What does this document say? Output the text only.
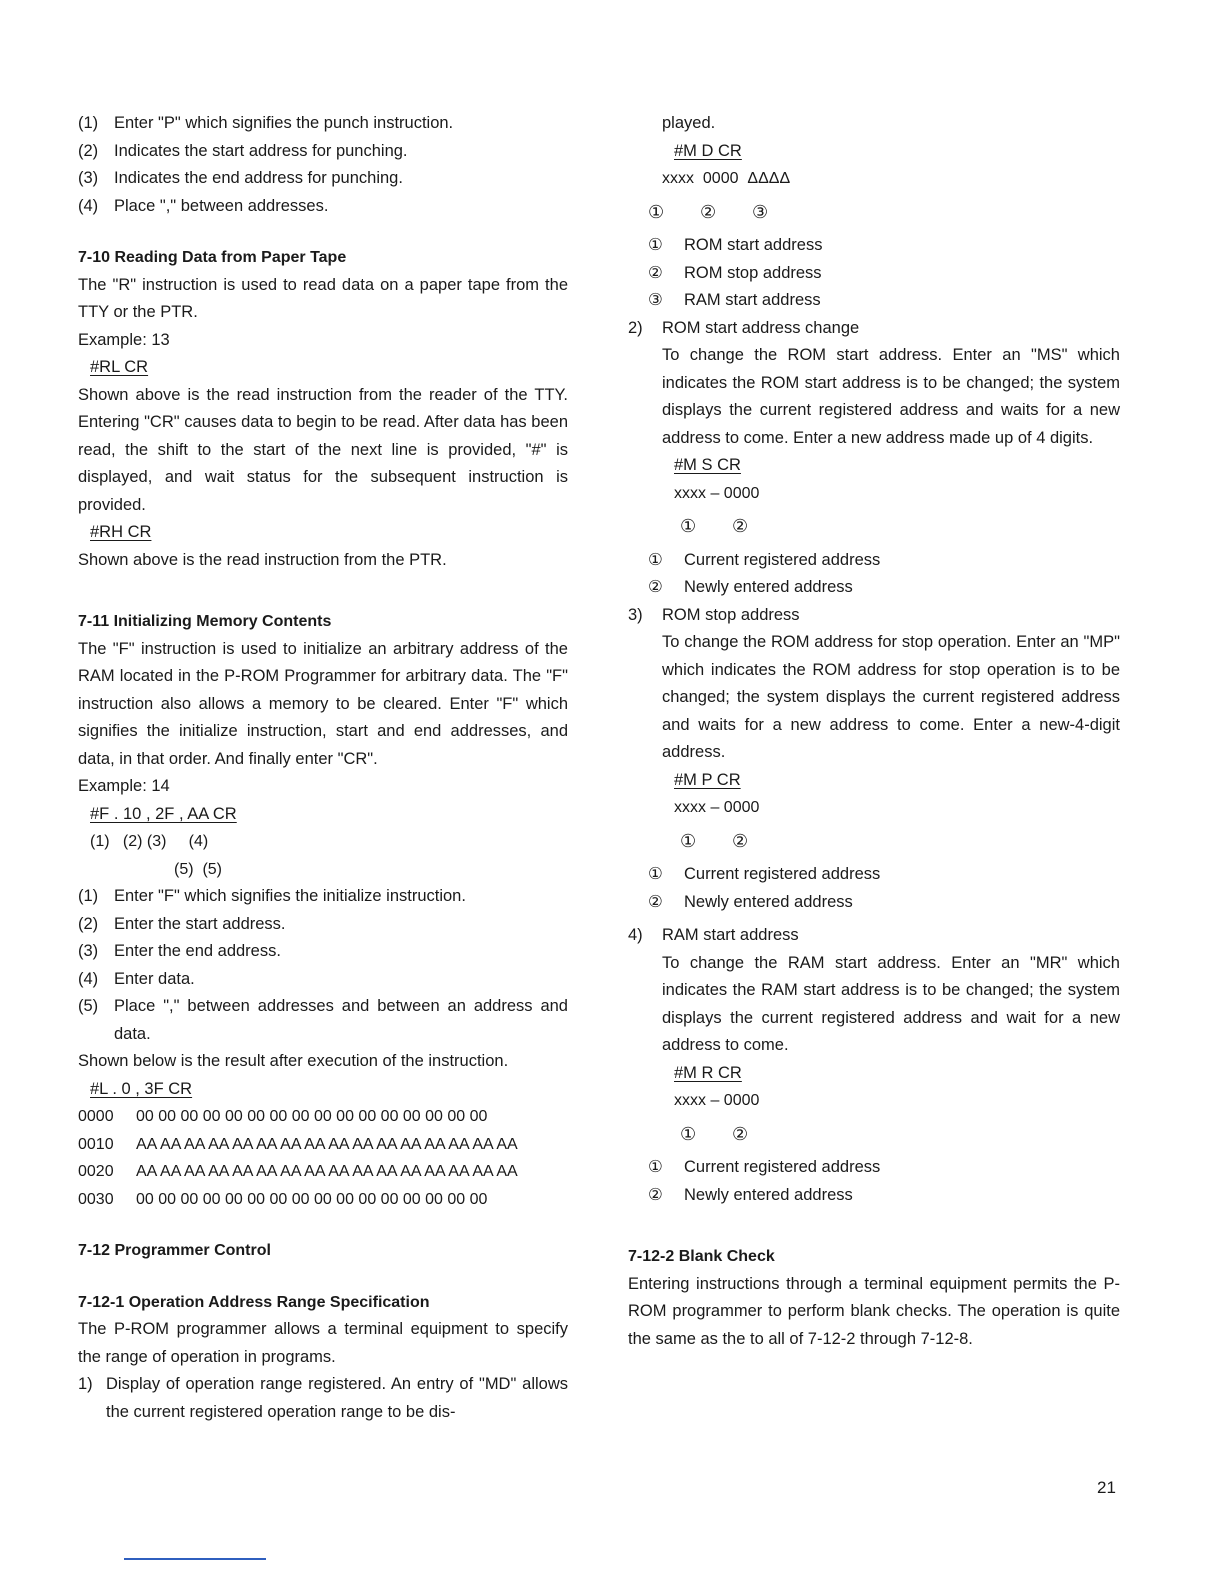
(1) Enter "P" which signifies the punch instruction.
(2) Indicates the start address for punching.
(3) Indicates the end address for punching.
(4) Place "," between addresses.

7-10 Reading Data from Paper Tape

The "R" instruction is used to read data on a paper tape from the TTY or the PTR.

Example: 13

#RL CR

Shown above is the read instruction from the reader of the TTY. Entering "CR" causes data to begin to be read. After data has been read, the shift to the start of the next line is provided, "#" is displayed, and wait status for the subsequent instruction is provided.

#RH CR

Shown above is the read instruction from the PTR.

7-11 Initializing Memory Contents

The "F" instruction is used to initialize an arbitrary address of the RAM located in the P-ROM Programmer for arbitrary data. The "F" instruction also allows a memory to be cleared. Enter "F" which signifies the initialize instruction, start and end addresses, and data, in that order. And finally enter "CR".

Example: 14

#F . 10 , 2F , AA CR

(1)   (2) (3)     (4)

(5)  (5)

(1) Enter "F" which signifies the initialize instruction.
(2) Enter the start address.
(3) Enter the end address.
(4) Enter data.
(5) Place "," between addresses and between an address and data.

Shown below is the result after execution of the instruction.

#L . 0 , 3F CR

0000 00 00 00 00 00 00 00 00 00 00 00 00 00 00 00 00

0010 AA AA AA AA AA AA AA AA AA AA AA AA AA AA AA AA

0020 AA AA AA AA AA AA AA AA AA AA AA AA AA AA AA AA

0030 00 00 00 00 00 00 00 00 00 00 00 00 00 00 00 00

7-12 Programmer Control

7-12-1 Operation Address Range Specification

The P-ROM programmer allows a terminal equipment to specify the range of operation in programs.

1) Display of operation range registered. An entry of "MD" allows the current registered operation range to be dis-

played.

#M D CR

xxxx  0000  ΔΔΔΔ

① ② ③

①	ROM start address
②	ROM stop address
③	RAM start address
2)	ROM start address change

To change the ROM start address. Enter an "MS" which indicates the ROM start address is to be changed; the system displays the current registered address and waits for a new address to come. Enter a new address made up of 4 digits.

#M S CR

xxxx – 0000

① ②

①	Current registered address
②	Newly entered address
3)	ROM stop address

To change the ROM address for stop operation. Enter an "MP" which indicates the ROM address for stop operation is to be changed; the system displays the current registered address and waits for a new address to come. Enter a new-4-digit address.

#M P CR

xxxx – 0000

① ②

①	Current registered address
②	Newly entered address
4)	RAM start address

To change the RAM start address. Enter an "MR" which indicates the RAM start address is to be changed; the system displays the current registered address and wait for a new address to come.

#M R CR

xxxx – 0000

① ②

①	Current registered address
②	Newly entered address

7-12-2 Blank Check

Entering instructions through a terminal equipment permits the P-ROM programmer to perform blank checks. The operation is quite the same as the to all of 7-12-2 through 7-12-8.

21
